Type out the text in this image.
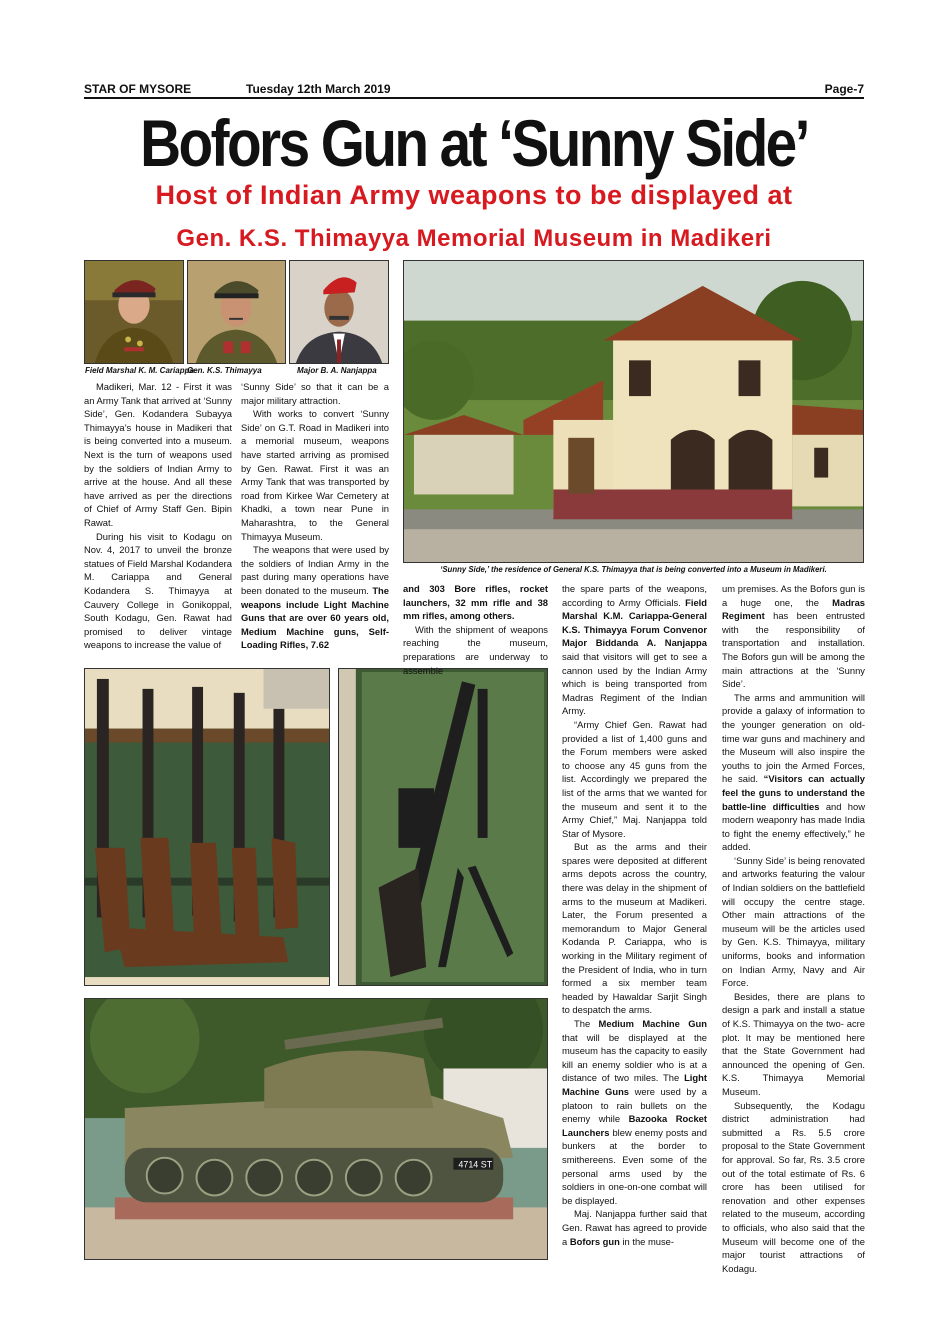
STAR OF MYSORE	Tuesday 12th March 2019	Page-7
Bofors Gun at ‘Sunny Side’
Host of Indian Army weapons to be displayed at
Gen. K.S. Thimayya Memorial Museum in Madikeri
Field Marshal K. M. Cariappa
Gen. K.S. Thimayya	Major B. A. Nanjappa
‘Sunny Side,’ the residence of General K.S. Thimayya that is being converted into a Museum in Madikeri.
4714 ST

Madikeri, Mar. 12 - First it was an Army Tank that arrived at ‘Sunny Side’, Gen. Kodandera Subayya Thimayya’s house in Madikeri that is being converted into a museum. Next is the turn of weapons used by the soldiers of Indian Army to arrive at the house. And all these have arrived as per the directions of Chief of Army Staff Gen. Bipin Rawat.

During his visit to Kodagu on Nov. 4, 2017 to unveil the bronze statues of Field Marshal Kodandera M. Cariappa and General Kodandera S. Thimayya at Cauvery College in Gonikoppal, South Kodagu, Gen. Rawat had promised to deliver vintage weapons to increase the value of

‘Sunny Side’ so that it can be a major military attraction.

With works to convert ‘Sunny Side’ on G.T. Road in Madikeri into a memorial museum, weapons have started arriving as promised by Gen. Rawat. First it was an Army Tank that was transported by road from Kirkee War Cemetery at Khadki, a town near Pune in Maharashtra, to the General Thimayya Museum.

The weapons that were used by the soldiers of Indian Army in the past during many operations have been donated to the museum. The weapons include Light Machine Guns that are over 60 years old, Medium Machine guns, Self-Loading Rifles, 7.62

and 303 Bore rifles, rocket launchers, 32 mm rifle and 38 mm rifles, among others.

With the shipment of weapons reaching the museum, preparations are underway to assemble

the spare parts of the weapons, according to Army Officials. Field Marshal K.M. Cariappa-General K.S. Thimayya Forum Convenor Major Biddanda A. Nanjappa said that visitors will get to see a cannon used by the Indian Army which is being transported from Madras Regiment of the Indian Army.

“Army Chief Gen. Rawat had provided a list of 1,400 guns and the Forum members were asked to choose any 45 guns from the list. Accordingly we prepared the list of the arms that we wanted for the museum and sent it to the Army Chief,” Maj. Nanjappa told Star of Mysore.

But as the arms and their spares were deposited at different arms depots across the country, there was delay in the shipment of arms to the museum at Madikeri. Later, the Forum presented a memorandum to Major General Kodanda P. Cariappa, who is working in the Military regiment of the President of India, who in turn formed a six member team headed by Hawaldar Sarjit Singh to despatch the arms.

The Medium Machine Gun that will be displayed at the museum has the capacity to easily kill an enemy soldier who is at a distance of two miles. The Light Machine Guns were used by a platoon to rain bullets on the enemy while Bazooka Rocket Launchers blew enemy posts and bunkers at the border to smithereens. Even some of the personal arms used by the soldiers in one-on-one combat will be displayed.

Maj. Nanjappa further said that Gen. Rawat has agreed to provide a Bofors gun in the muse-

um premises. As the Bofors gun is a huge one, the Madras Regiment has been entrusted with the responsibility of transportation and installation. The Bofors gun will be among the main attractions at the ‘Sunny Side’.

The arms and ammunition will provide a galaxy of information to the younger generation on old-time war guns and machinery and the Museum will also inspire the youths to join the Armed Forces, he said. “Visitors can actually feel the guns to understand the battle-line difficulties and how modern weaponry has made India to fight the enemy effectively,” he added.

‘Sunny Side’ is being renovated and artworks featuring the valour of Indian soldiers on the battlefield will occupy the centre stage. Other main attractions of the museum will be the articles used by Gen. K.S. Thimayya, military uniforms, books and information on Indian Army, Navy and Air Force.

Besides, there are plans to design a park and install a statue of K.S. Thimayya on the two- acre plot. It may be mentioned here that the State Government had announced the opening of Gen. K.S. Thimayya Memorial Museum.

Subsequently, the Kodagu district administration had submitted a Rs. 5.5 crore proposal to the State Government for approval. So far, Rs. 3.5 crore out of the total estimate of Rs. 6 crore has been utilised for renovation and other expenses related to the museum, according to officials, who also said that the Museum will become one of the major tourist attractions of Kodagu.
